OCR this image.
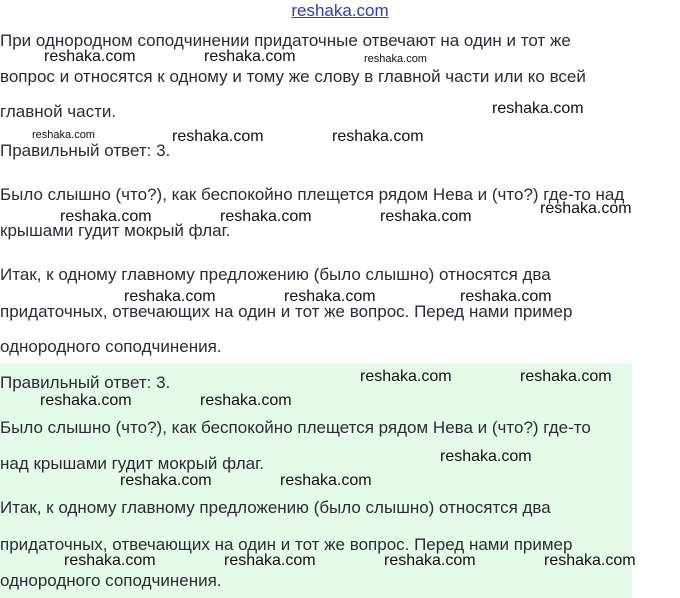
reshaka.com

При однородном соподчинении придаточные отвечают на один и тот же

вопрос и относятся к одному и тому же слову в главной части или ко всей

главной части.

Правильный ответ: 3.

Было слышно (что?), как беспокойно плещется рядом Нева и (что?) где-то над

крышами гудит мокрый флаг.

Итак, к одному главному предложению (было слышно) относятся два

придаточных, отвечающих на один и тот же вопрос. Перед нами пример

однородного соподчинения.

Правильный ответ: 3.

Было слышно (что?), как беспокойно плещется рядом Нева и (что?) где-то

над крышами гудит мокрый флаг.

Итак, к одному главному предложению (было слышно) относятся два

придаточных, отвечающих на один и тот же вопрос. Перед нами пример

однородного соподчинения.

reshaka.com	reshaka.com	reshaka.com
reshaka.com
reshaka.com	reshaka.com	reshaka.com
reshaka.com
reshaka.com	reshaka.com	reshaka.com
reshaka.com	reshaka.com	reshaka.com
reshaka.com	reshaka.com
reshaka.com	reshaka.com
reshaka.com
reshaka.com	reshaka.com
reshaka.com	reshaka.com	reshaka.com	reshaka.com
